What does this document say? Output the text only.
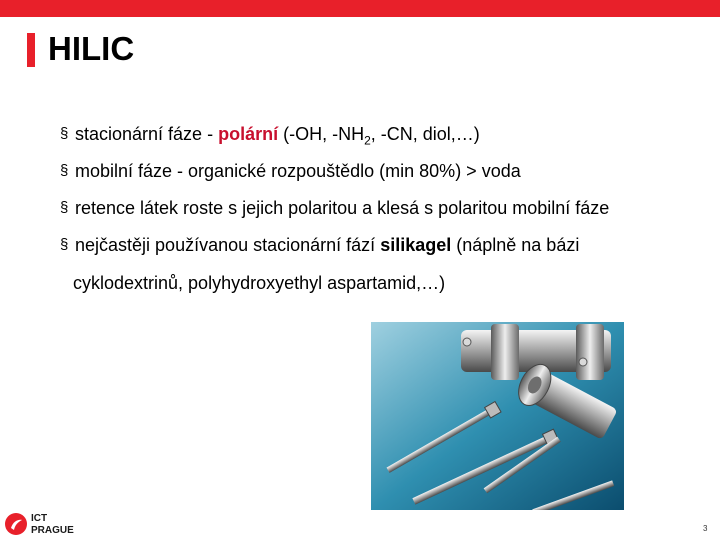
HILIC
§ stacionární fáze - polární (-OH, $-NH_2$, -CN, diol,…)
§ mobilní fáze - organické rozpouštědlo (min 80%) > voda
§ retence látek roste s jejich polaritou a klesá s polaritou mobilní fáze
§ nejčastěji používanou stacionární fází silikagel (náplně na bázi
cyklodextrinů, polyhydroxyethyl aspartamid,…)
ICT
PRAGUE	3
